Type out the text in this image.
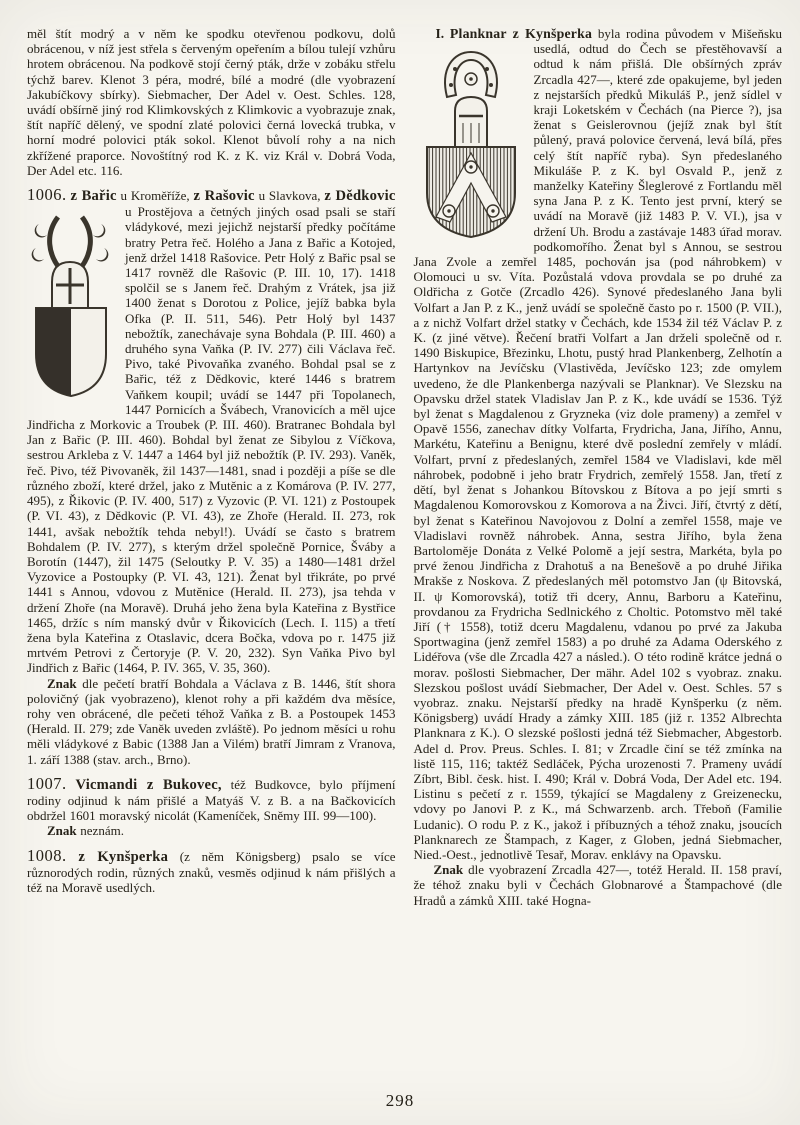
měl štít modrý a v něm ke spodku otevřenou podkovu, dolů obrácenou, v níž jest střela s červeným opeřením a bílou tulejí vzhůru hrotem obrácenou. Na podkově stojí černý pták, drže v zobáku střelu týchž barev. Klenot 3 péra, modré, bílé a modré (dle vyobrazení Jakubíčkovy sbírky). Siebmacher, Der Adel v. Oest. Schles. 128, uvádí obšírně jiný rod Klimkovských z Klimkovic a vyobrazuje znak, štít napříč dělený, ve spodní zlaté polovici černá lovecká trubka, v horní modré polovici pták sokol. Klenot bůvolí rohy a na nich zkřížené praporce. Novoštítný rod K. z K. viz Král v. Dobrá Voda, Der Adel etc. 116.

1006. z Bařic u Kroměříže, z Rašovic u Slavkova, z Dědkovic u Prostějova a četných jiných osad psali se staří vládykové, mezi jejichž nejstarší předky počítáme bratry Petra řeč. Holého a Jana z Bařic a Kotojed, jenž držel 1418 Rašovice. Petr Holý z Bařic psal se 1417 rovněž dle Rašovic (P. III. 10, 17). 1418 spolčil se s Janem řeč. Drahým z Vrátek, jsa již 1400 ženat s Dorotou z Police, jejíž babka byla Ofka (P. II. 511, 546). Petr Holý byl 1437 nebožtík, zanechávaje syna Bohdala (P. III. 460) a druhého syna Vaňka (P. IV. 277) čili Václava řeč. Pivo, také Pivovaňka zvaného. Bohdal psal se z Bařic, též z Dědkovic, které 1446 s bratrem Vaňkem koupil; uvádí se 1447 při Topolanech, 1447 Pornicích a Švábech, Vranovicích a měl ujce Jindřicha z Morkovic a Troubek (P. III. 460). Bratranec Bohdala byl Jan z Bařic (P. III. 460). Bohdal byl ženat ze Sibylou z Víčkova, sestrou Arkleba z V. 1447 a 1464 byl již nebožtík (P. IV. 293). Vaněk, řeč. Pivo, též Pivovaněk, žil 1437—1481, snad i později a píše se dle různého zboží, které držel, jako z Mutěnic a z Komárova (P. IV. 277, 495), z Řikovic (P. IV. 400, 517) z Vyzovic (P. VI. 121) z Postoupek (P. VI. 43), z Dědkovic (P. VI. 43), ze Zhoře (Herald. II. 273, rok 1441, avšak nebožtík tehda nebyl!). Uvádí se často s bratrem Bohdalem (P. IV. 277), s kterým držel společně Pornice, Šváby a Borotín (1447), žil 1475 (Seloutky P. V. 35) a 1480—1481 držel Vyzovice a Postoupky (P. VI. 43, 121). Ženat byl třikráte, po prvé 1441 s Annou, vdovou z Mutěnice (Herald. II. 273), jsa tehda v držení Zhoře (na Moravě). Druhá jeho žena byla Kateřina z Bystřice 1465, držíc s ním manský dvůr v Řikovicích (Lech. I. 115) a třetí žena byla Kateřina z Otaslavic, dcera Bočka, vdova po r. 1475 již mrtvém Petrovi z Čertoryje (P. V. 20, 232). Syn Vaňka Pivo byl Jindřich z Bařic (1464, P. IV. 365, V. 35, 360).

Znak dle pečetí bratří Bohdala a Václava z B. 1446, štít shora polovičný (jak vyobrazeno), klenot rohy a při každém dva měsíce, rohy ven obrácené, dle pečeti téhož Vaňka z B. a Postoupek 1453 (Herald. II. 279; zde Vaněk uveden zvláště). Po jednom měsíci u rohu měli vládykové z Babic (1388 Jan a Vilém) bratří Jimram z Vranova, 1. září 1388 (stav. arch., Brno).

1007. Vicmandi z Bukovec, též Budkovce, bylo příjmení rodiny odjinud k nám přišlé a Matyáš V. z B. a na Bačkovicích obdržel 1601 moravský nicolát (Kameníček, Sněmy III. 99—100).

Znak neznám.

1008. z Kynšperka (z něm Königsberg) psalo se více různorodých rodin, různých znaků, vesměs odjinud k nám přišlých a též na Moravě usedlých.

I. Planknar z Kynšperka byla rodina původem v Mišeňsku usedlá, odtud do Čech se přestěhovavší a odtud k nám přišlá. Dle obšírných zpráv Zrcadla 427—, které zde opakujeme, byl jeden z nejstarších předků Mikuláš P., jenž sídlel v kraji Loketském v Čechách (na Pierce ?), jsa ženat s Geislerovnou (jejíž znak byl štít půlený, pravá polovice červená, levá bílá, přes celý štít napříč ryba). Syn předeslaného Mikuláše P. z K. byl Osvald P., jenž z manželky Kateřiny Šleglerové z Fortlandu měl syna Jana P. z K. Tento jest první, který se uvádí na Moravě (již 1483 P. V. VI.), jsa v držení Uh. Brodu a zastávaje 1483 úřad morav. podkomořího. Ženat byl s Annou, se sestrou Jana Zvole a zemřel 1485, pochován jsa (pod náhrobkem) v Olomouci u sv. Víta. Pozůstalá vdova provdala se po druhé za Oldřicha z Gotče (Zrcadlo 426). Synové předeslaného Jana byli Volfart a Jan P. z K., jenž uvádí se společně často po r. 1500 (P. VII.), a z nichž Volfart držel statky v Čechách, kde 1534 žil též Václav P. z K. (z jiné větve). Řečení bratři Volfart a Jan drželi společně od r. 1490 Biskupice, Březinku, Lhotu, pustý hrad Plankenberg, Zelhotín a Hartynkov na Jevíčsku (Vlastivěda, Jevíčsko 123; zde omylem uvedeno, že dle Plankenberga nazývali se Planknar). Ve Slezsku na Opavsku držel statek Vladislav Jan P. z K., kde uvádí se 1536. Týž byl ženat s Magdalenou z Gryzneka (viz dole prameny) a zemřel v Opavě 1556, zanechav dítky Volfarta, Frydricha, Jana, Jiřího, Annu, Markétu, Kateřinu a Benignu, které dvě poslední zemřely v mládí. Volfart, první z předeslaných, zemřel 1584 ve Vladislavi, kde měl náhrobek, podobně i jeho bratr Frydrich, zemřelý 1558. Jan, třetí z dětí, byl ženat s Johankou Bítovskou z Bítova a po její smrti s Magdalenou Komorovskou z Komorova a na Živci. Jiří, čtvrtý z dětí, byl ženat s Kateřinou Navojovou z Dolní a zemřel 1558, maje ve Vladislavi rovněž náhrobek. Anna, sestra Jiřího, byla žena Bartoloměje Donáta z Velké Polomě a její sestra, Markéta, byla po prvé ženou Jindřicha z Drahotuš a na Benešově a po druhé Jiřika Mrakše z Noskova. Z předeslaných měl potomstvo Jan (ψ Bitovská, II. ψ Komorovská), totiž tři dcery, Annu, Barboru a Kateřinu, provdanou za Frydricha Sedlnického z Choltic. Potomstvo měl také Jiří († 1558), totiž dceru Magdalenu, vdanou po prvé za Jakuba Sportwagina (jenž zemřel 1583) a po druhé za Adama Oderského z Lidéřova (vše dle Zrcadla 427 a násled.). O této rodině krátce jedná o morav. pošlosti Siebmacher, Der mähr. Adel 102 s vyobraz. znaku. Slezskou pošlost uvádí Siebmacher, Der Adel v. Oest. Schles. 57 s vyobraz. znaku. Nejstarší předky na hradě Kynšperku (z něm. Königsberg) uvádí Hrady a zámky XIII. 185 (již r. 1352 Albrechta Planknara z K.). O slezské pošlosti jedná též Siebmacher, Abgestorb. Adel d. Prov. Preus. Schles. I. 81; v Zrcadle činí se též zmínka na listě 115, 116; taktéž Sedláček, Pýcha urozenosti 7. Prameny uvádí Zíbrt, Bibl. česk. hist. I. 490; Král v. Dobrá Voda, Der Adel etc. 194. Listinu s pečetí z r. 1559, týkající se Magdaleny z Greizenecku, vdovy po Janovi P. z K., má Schwarzenb. arch. Třeboň (Familie Ludanic). O rodu P. z K., jakož i příbuzných a téhož znaku, jsoucích Planknarech ze Štampach, z Kager, z Globen, jedná Siebmacher, Nied.-Oest., jednotlivě Tesař, Morav. enklávy na Opavsku.

Znak dle vyobrazení Zrcadla 427—, totéž Herald. II. 158 praví, že téhož znaku byli v Čechách Globnarové a Štampachové (dle Hradů a zámků XIII. také Hogna-

298
